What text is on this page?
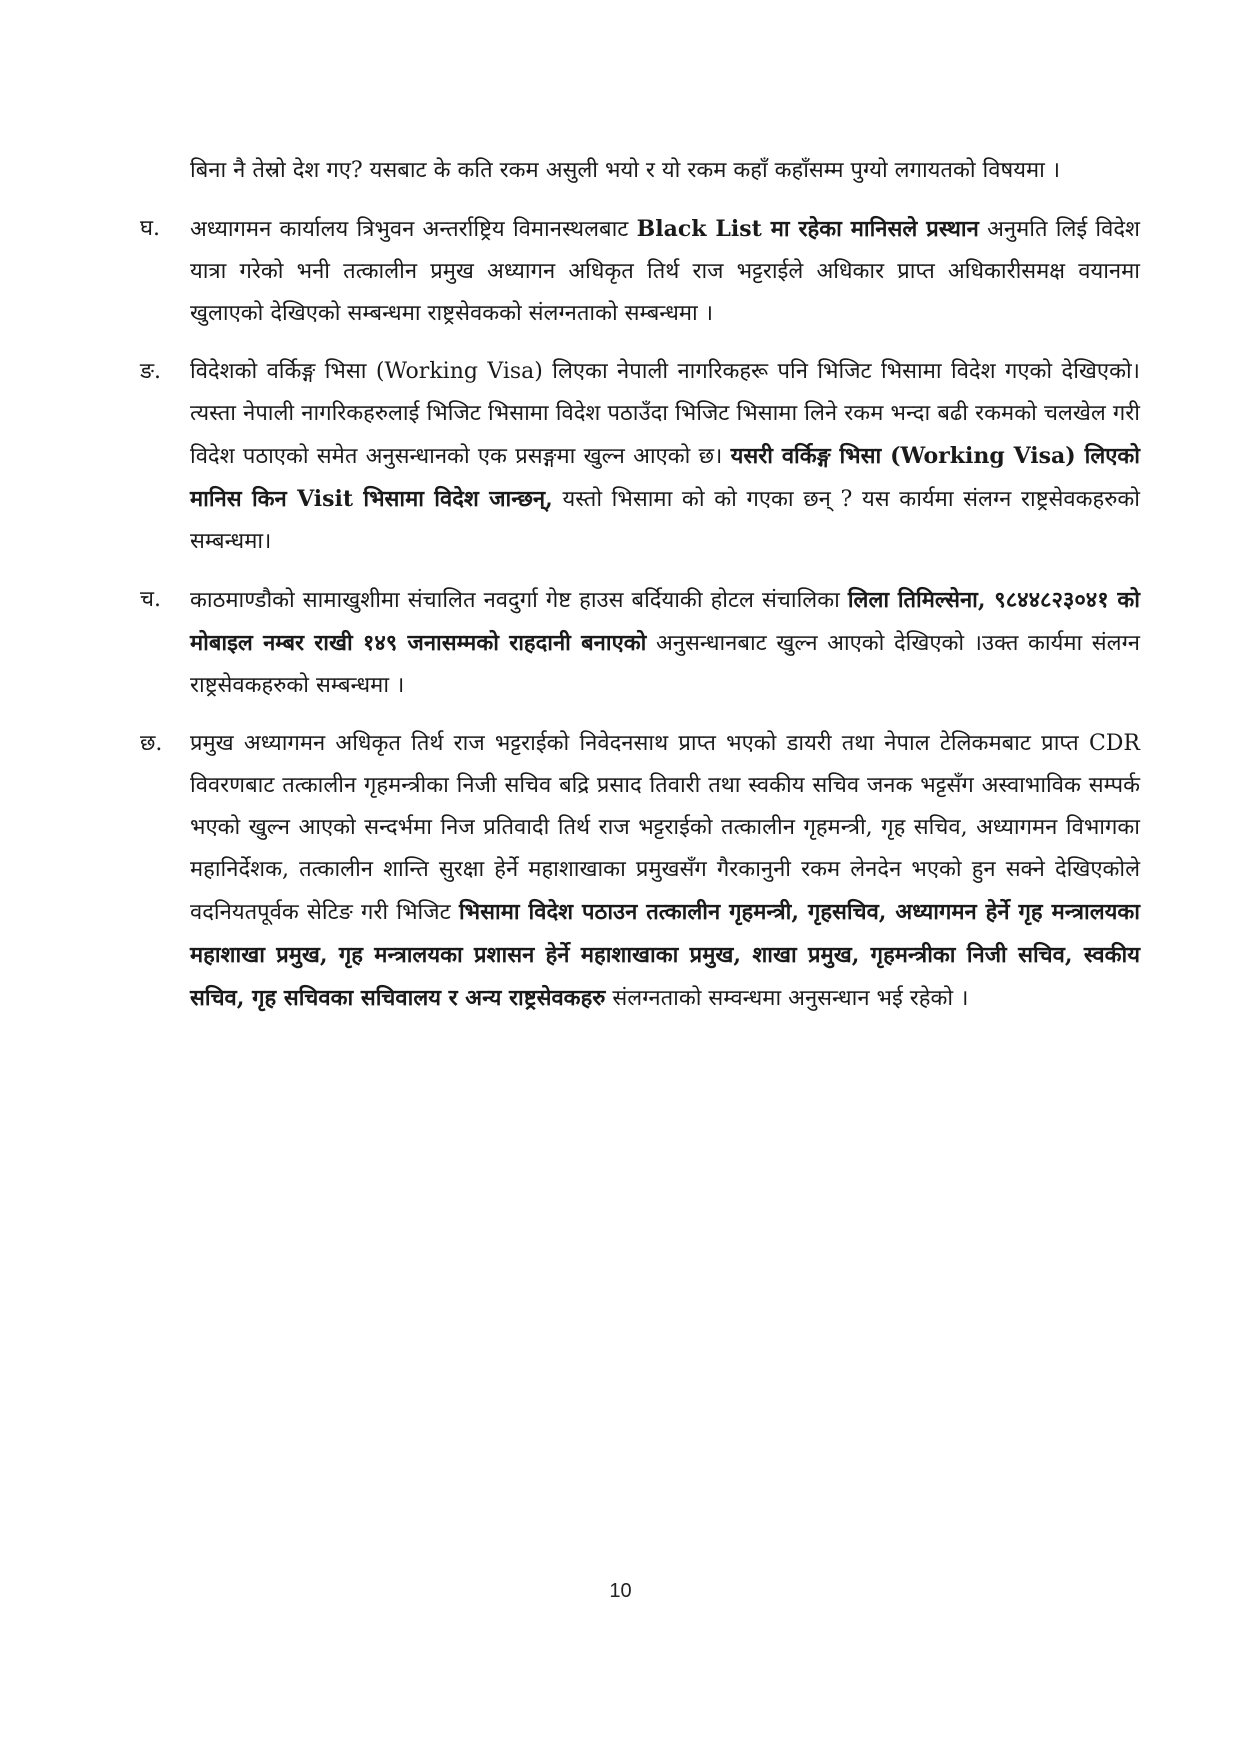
बिना नै तेस्रो देश गए? यसबाट के कति रकम असुली भयो र यो रकम कहाँ कहाँसम्म पुग्यो लगायतको विषयमा ।
घ.	अध्यागमन कार्यालय त्रिभुवन अन्तर्राष्ट्रिय विमानस्थलबाट Black List मा रहेका मानिसले प्रस्थान अनुमति लिई विदेश यात्रा गरेको भनी तत्कालीन प्रमुख अध्यागन अधिकृत तिर्थ राज भट्टराईले अधिकार प्राप्त अधिकारीसमक्ष वयानमा खुलाएको देखिएको सम्बन्धमा राष्ट्रसेवकको संलग्नताको सम्बन्धमा ।
ङ.	विदेशको वर्किङ्ग भिसा (Working Visa) लिएका नेपाली नागरिकहरू पनि भिजिट भिसामा विदेश गएको देखिएको। त्यस्ता नेपाली नागरिकहरुलाई भिजिट भिसामा विदेश पठाउँदा भिजिट भिसामा लिने रकम भन्दा बढी रकमको चलखेल गरी विदेश पठाएको समेत अनुसन्धानको एक प्रसङ्गमा खुल्न आएको छ। यसरी वर्किङ्ग भिसा (Working Visa) लिएको मानिस किन Visit भिसामा विदेश जान्छन्, यस्तो भिसामा को को गएका छन् ? यस कार्यमा संलग्न राष्ट्रसेवकहरुको सम्बन्धमा।
च.	काठमाण्डौको सामाखुशीमा संचालित नवदुर्गा गेष्ट हाउस बर्दियाकी होटल संचालिका लिला तिमिल्सेना, ९८४४८२३०४१ को मोबाइल नम्बर राखी १४९ जनासम्मको राहदानी बनाएको अनुसन्धानबाट खुल्न आएको देखिएको ।उक्त कार्यमा संलग्न राष्ट्रसेवकहरुको सम्बन्धमा ।
छ.	प्रमुख अध्यागमन अधिकृत तिर्थ राज भट्टराईको निवेदनसाथ प्राप्त भएको डायरी तथा नेपाल टेलिकमबाट प्राप्त CDR विवरणबाट तत्कालीन गृहमन्त्रीका निजी सचिव बद्रि प्रसाद तिवारी तथा स्वकीय सचिव जनक भट्टसँग अस्वाभाविक सम्पर्क भएको खुल्न आएको सन्दर्भमा निज प्रतिवादी तिर्थ राज भट्टराईको तत्कालीन गृहमन्त्री, गृह सचिव, अध्यागमन विभागका महानिर्देशक, तत्कालीन शान्ति सुरक्षा हेर्ने महाशाखाका प्रमुखसँग गैरकानुनी रकम लेनदेन भएको हुन सक्ने देखिएकोले वदनियतपूर्वक सेटिङ गरी भिजिट भिसामा विदेश पठाउन तत्कालीन गृहमन्त्री, गृहसचिव, अध्यागमन हेर्ने गृह मन्त्रालयका महाशाखा प्रमुख, गृह मन्त्रालयका प्रशासन हेर्ने महाशाखाका प्रमुख, शाखा प्रमुख, गृहमन्त्रीका निजी सचिव, स्वकीय सचिव, गृह सचिवका सचिवालय र अन्य राष्ट्रसेवकहरु संलग्नताको सम्वन्धमा अनुसन्धान भई रहेको ।
10
